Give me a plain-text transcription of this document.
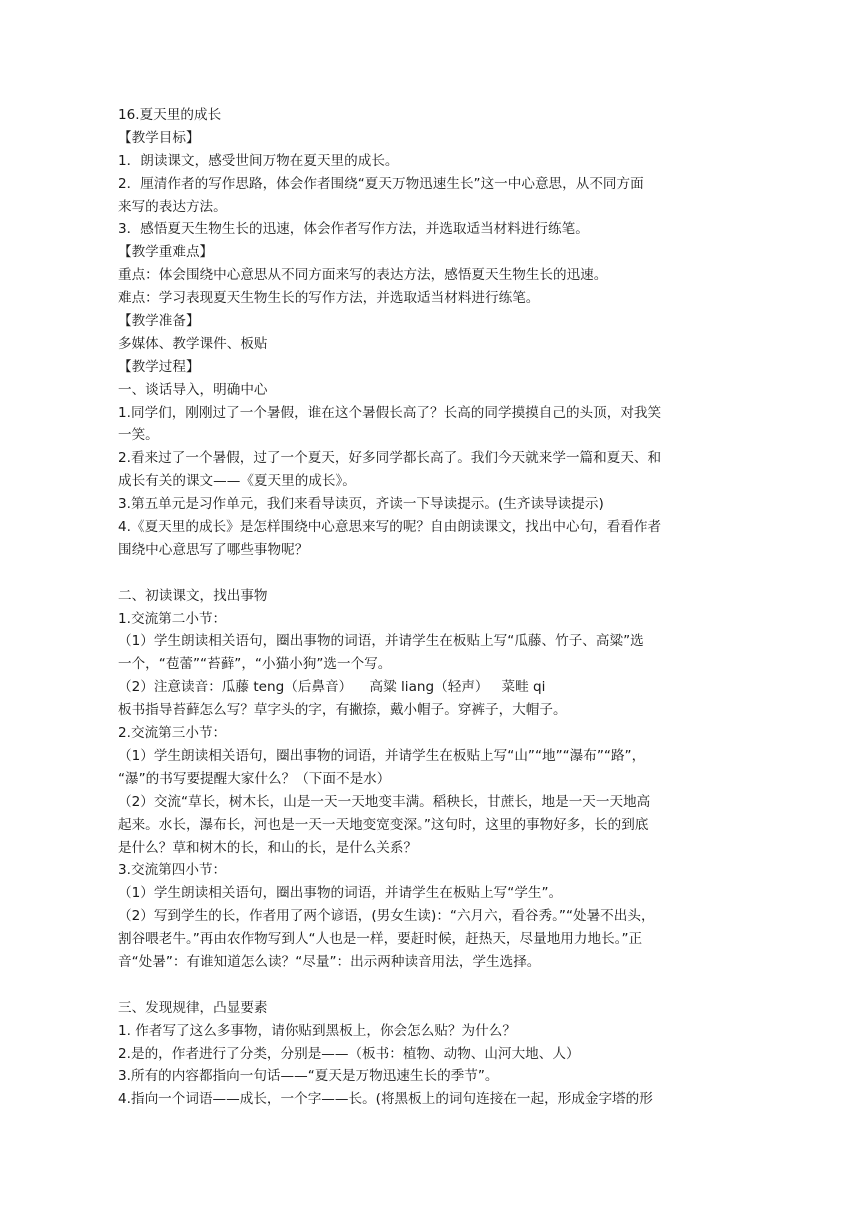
16.夏天里的成长
【教学目标】
1．朗读课文，感受世间万物在夏天里的成长。
2．厘清作者的写作思路，体会作者围绕“夏天万物迅速生长”这一中心意思，从不同方面
来写的表达方法。
3．感悟夏天生物生长的迅速，体会作者写作方法，并选取适当材料进行练笔。
【教学重难点】
重点：体会围绕中心意思从不同方面来写的表达方法，感悟夏天生物生长的迅速。
难点：学习表现夏天生物生长的写作方法，并选取适当材料进行练笔。
【教学准备】
多媒体、教学课件、板贴
【教学过程】
一、谈话导入，明确中心
1.同学们，刚刚过了一个暑假，谁在这个暑假长高了？长高的同学摸摸自己的头顶，对我笑
一笑。
2.看来过了一个暑假，过了一个夏天，好多同学都长高了。我们今天就来学一篇和夏天、和
成长有关的课文——《夏天里的成长》。
3.第五单元是习作单元，我们来看导读页，齐读一下导读提示。(生齐读导读提示)
4.《夏天里的成长》是怎样围绕中心意思来写的呢？自由朗读课文，找出中心句，看看作者
围绕中心意思写了哪些事物呢？
二、初读课文，找出事物
1.交流第二小节：
（1）学生朗读相关语句，圈出事物的词语，并请学生在板贴上写“瓜藤、竹子、高粱”选
一个，“苞蕾”“苔藓”，“小猫小狗”选一个写。
（2）注意读音：瓜藤 teng（后鼻音）    高粱 liang（轻声）   菜畦 qi
板书指导苔藓怎么写？草字头的字，有撇捺，戴小帽子。穿裤子，大帽子。
2.交流第三小节：
（1）学生朗读相关语句，圈出事物的词语，并请学生在板贴上写“山”“地”“瀑布”“路”，
“瀑”的书写要提醒大家什么？（下面不是水）
（2）交流“草长，树木长，山是一天一天地变丰满。稻秧长，甘蔗长，地是一天一天地高
起来。水长，瀑布长，河也是一天一天地变宽变深。”这句时，这里的事物好多，长的到底
是什么？草和树木的长，和山的长，是什么关系？
3.交流第四小节：
（1）学生朗读相关语句，圈出事物的词语，并请学生在板贴上写“学生”。
（2）写到学生的长，作者用了两个谚语，(男女生读)：“六月六，看谷秀。”“处暑不出头，
割谷喂老牛。”再由农作物写到人“人也是一样，要赶时候，赶热天，尽量地用力地长。”正
音“处暑”：有谁知道怎么读？“尽量”：出示两种读音用法，学生选择。
三、发现规律，凸显要素
1. 作者写了这么多事物，请你贴到黑板上，你会怎么贴？为什么？
2.是的，作者进行了分类，分别是——（板书：植物、动物、山河大地、人）
3.所有的内容都指向一句话——“夏天是万物迅速生长的季节”。
4.指向一个词语——成长，一个字——长。(将黑板上的词句连接在一起，形成金字塔的形
